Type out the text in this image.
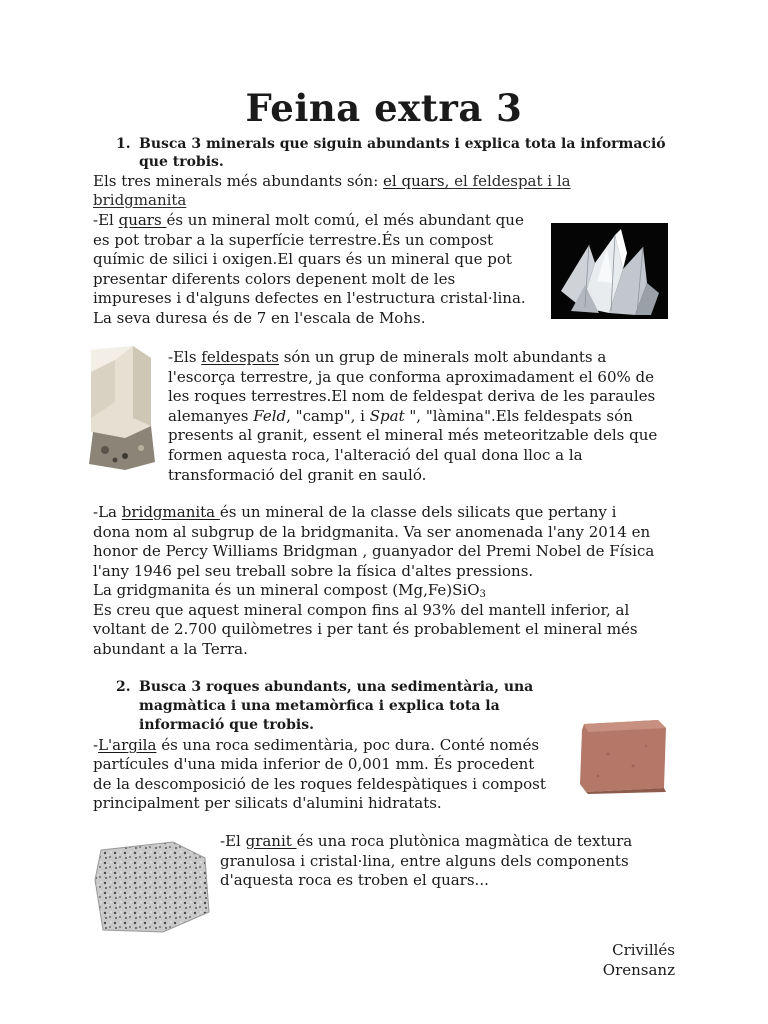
Feina extra 3
1. Busca 3 minerals que siguin abundants i explica tota la informació
que trobis.
Els tres minerals més abundants són: el quars, el feldespat i la
bridgmanita
-El quars és un mineral molt comú, el més abundant que
es pot trobar a la superfície terrestre.És un compost
químic de silici i oxigen.El quars és un mineral que pot
presentar diferents colors depenent molt de les
impureses i d'alguns defectes en l'estructura cristal·lina.
La seva duresa és de 7 en l'escala de Mohs.
-Els feldespats són un grup de minerals molt abundants a
l'escorça terrestre, ja que conforma aproximadament el 60% de
les roques terrestres.El nom de feldespat deriva de les paraules
alemanyes Feld, "camp", i Spat ", "làmina".Els feldespats són
presents al granit, essent el mineral més meteoritzable dels que
formen aquesta roca, l'alteració del qual dona lloc a la
transformació del granit en sauló.
-La bridgmanita és un mineral de la classe dels silicats que pertany i
dona nom al subgrup de la bridgmanita. Va ser anomenada l'any 2014 en
honor de Percy Williams Bridgman , guanyador del Premi Nobel de Física
l'any 1946 pel seu treball sobre la física d'altes pressions.
La gridgmanita és un mineral compost (Mg,Fe)SiO$_3$
Es creu que aquest mineral compon fins al 93% del mantell inferior, al
voltant de 2.700 quilòmetres i per tant és probablement el mineral més
abundant a la Terra.
2. Busca 3 roques abundants, una sedimentària, una
magmàtica i una metamòrfica i explica tota la
informació que trobis.
-L'argila és una roca sedimentària, poc dura. Conté només
partícules d'una mida inferior de 0,001 mm. És procedent
de la descomposició de les roques feldespàtiques i compost
principalment per silicats d'alumini hidratats.
-El granit és una roca plutònica magmàtica de textura
granulosa i cristal·lina, entre alguns dels components
d'aquesta roca es troben el quars...
Crivillés
Orensanz
